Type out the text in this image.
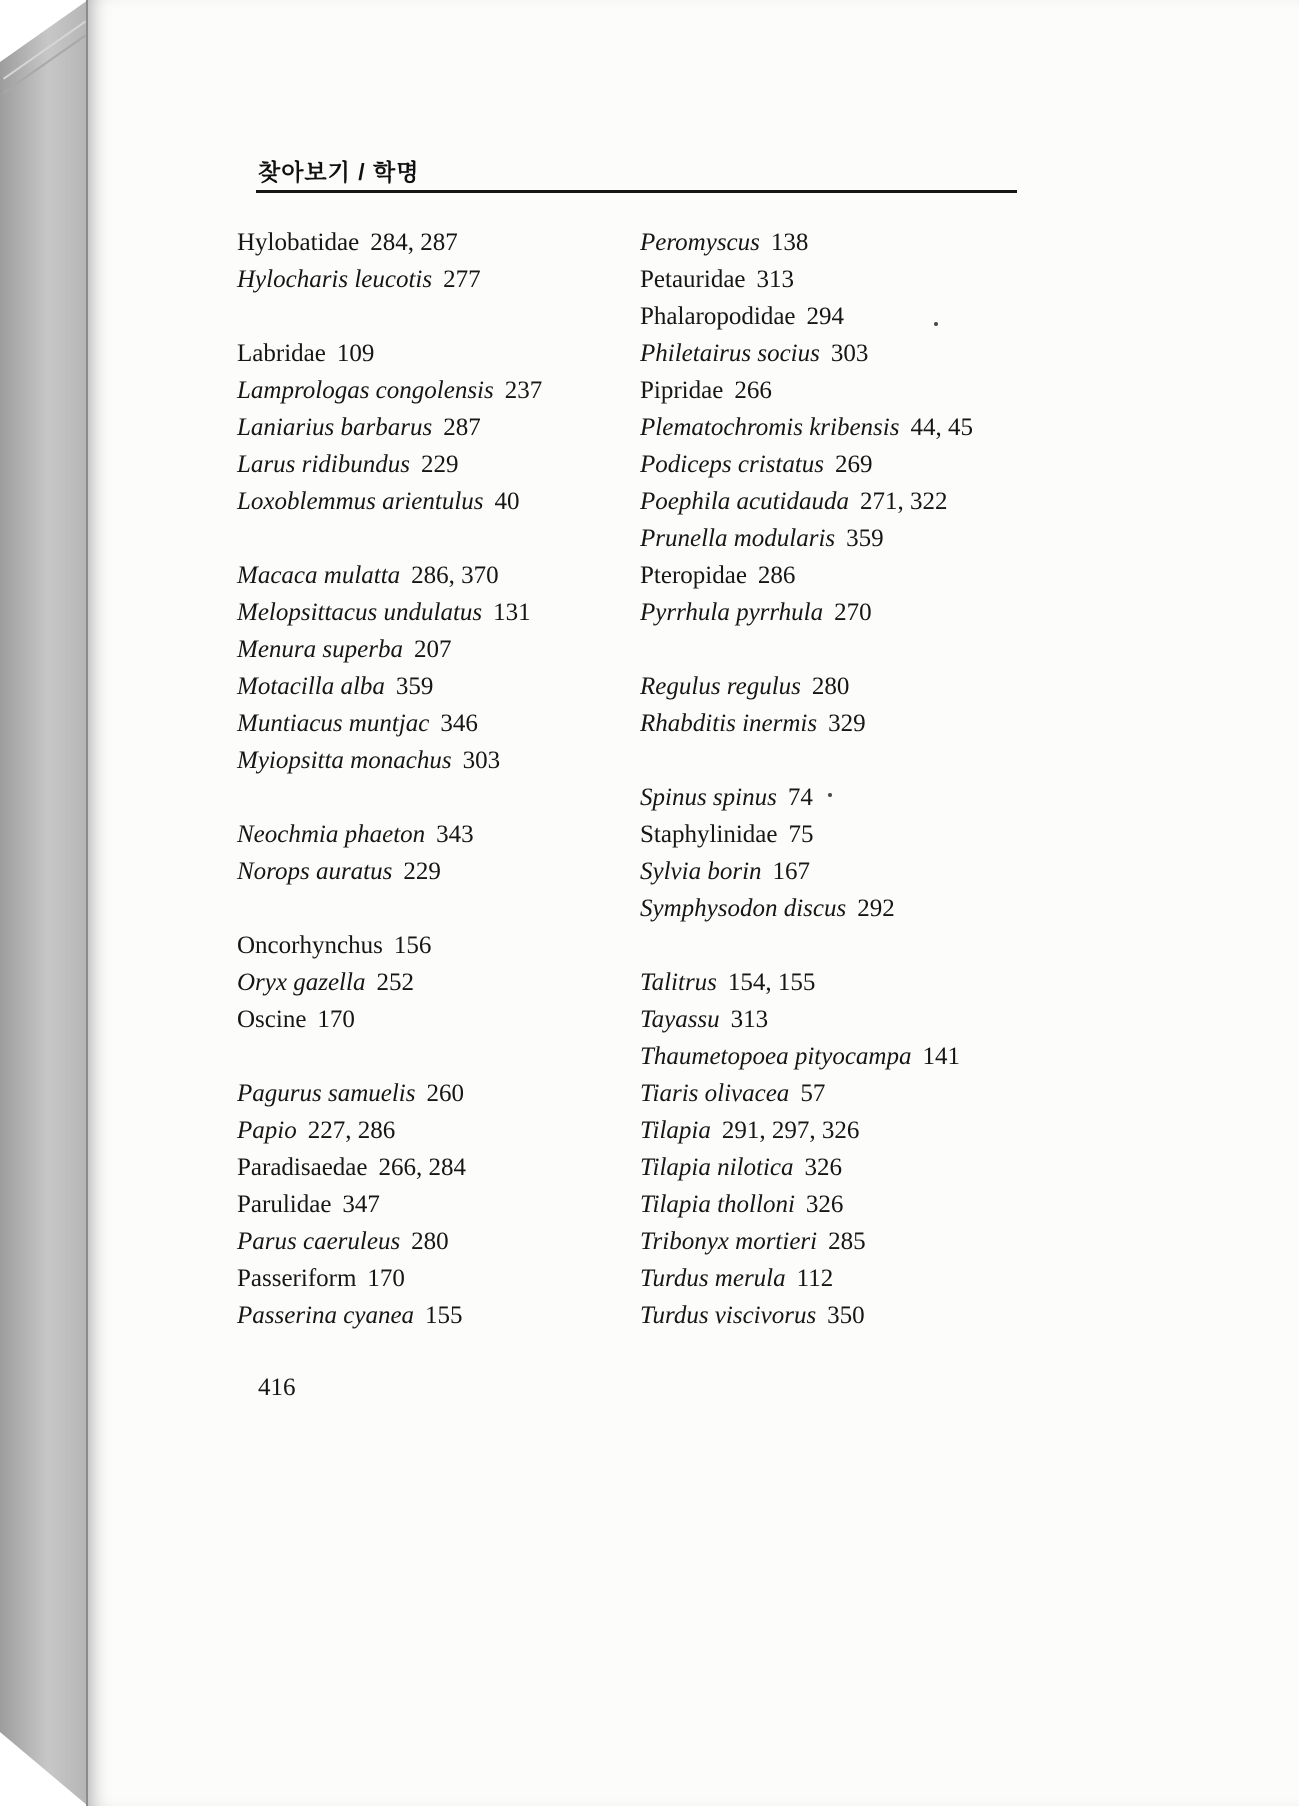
찾아보기 / 학명
Hylobatidae 284, 287
Hylocharis leucotis 277
Labridae 109
Lamprologas congolensis 237
Laniarius barbarus 287
Larus ridibundus 229
Loxoblemmus arientulus 40
Macaca mulatta 286, 370
Melopsittacus undulatus 131
Menura superba 207
Motacilla alba 359
Muntiacus muntjac 346
Myiopsitta monachus 303
Neochmia phaeton 343
Norops auratus 229
Oncorhynchus 156
Oryx gazella 252
Oscine 170
Pagurus samuelis 260
Papio 227, 286
Paradisaedae 266, 284
Parulidae 347
Parus caeruleus 280
Passeriform 170
Passerina cyanea 155
Peromyscus 138
Petauridae 313
Phalaropodidae 294
Philetairus socius 303
Pipridae 266
Plematochromis kribensis 44, 45
Podiceps cristatus 269
Poephila acutidauda 271, 322
Prunella modularis 359
Pteropidae 286
Pyrrhula pyrrhula 270
Regulus regulus 280
Rhabditis inermis 329
Spinus spinus 74
Staphylinidae 75
Sylvia borin 167
Symphysodon discus 292
Talitrus 154, 155
Tayassu 313
Thaumetopoea pityocampa 141
Tiaris olivacea 57
Tilapia 291, 297, 326
Tilapia nilotica 326
Tilapia tholloni 326
Tribonyx mortieri 285
Turdus merula 112
Turdus viscivorus 350
416
